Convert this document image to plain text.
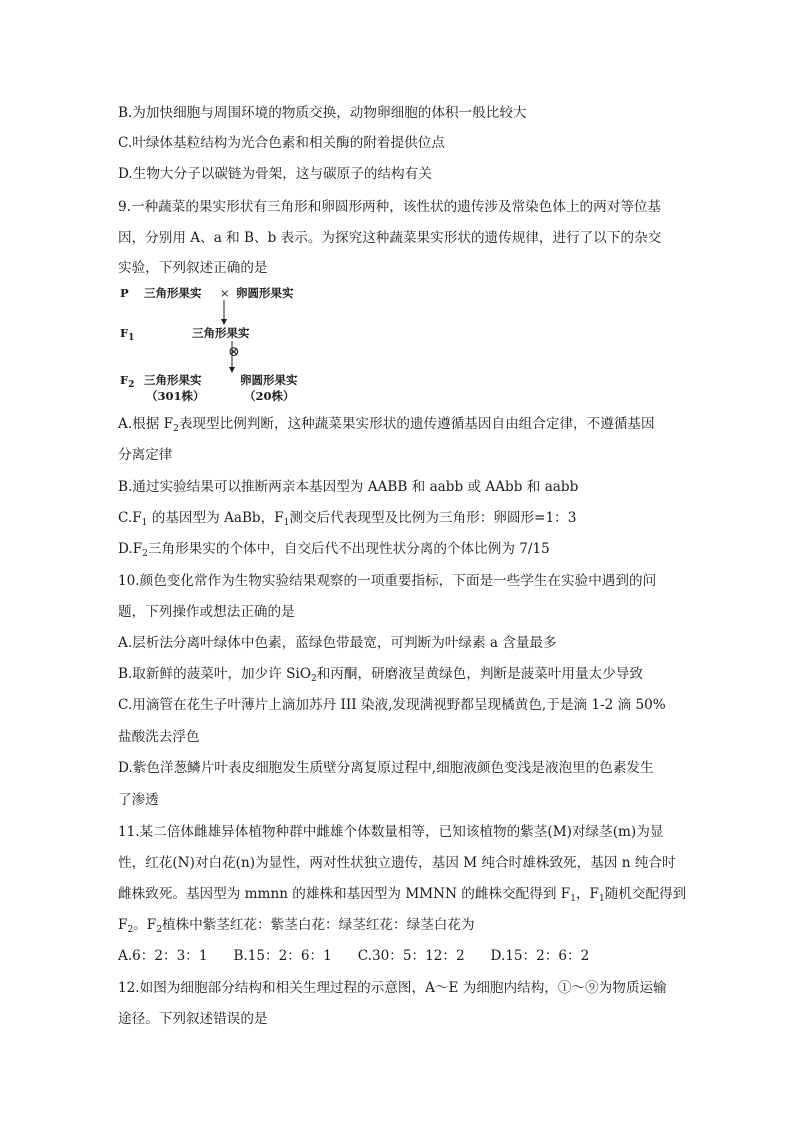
B.为加快细胞与周围环境的物质交换，动物卵细胞的体积一般比较大
C.叶绿体基粒结构为光合色素和相关酶的附着提供位点
D.生物大分子以碳链为骨架，这与碳原子的结构有关
9.一种蔬菜的果实形状有三角形和卵圆形两种，该性状的遗传涉及常染色体上的两对等位基
因，分别用 A、a 和 B、b 表示。为探究这种蔬菜果实形状的遗传规律，进行了以下的杂交
实验，下列叙述正确的是
P 三角形果实 × 卵圆形果实
$F_1$	三角形果实
⊗
$F_2$ 三角形果实
（301株）
卵圆形果实
（20株）
A.根据 $F_2$表现型比例判断，这种蔬菜果实形状的遗传遵循基因自由组合定律，不遵循基因
分离定律
B.通过实验结果可以推断两亲本基因型为 AABB 和 aabb 或 AAbb 和 aabb
$C.F_1$ 的基因型为 AaBb，$F_1$测交后代表现型及比例为三角形：卵圆形=1：3
$D.F_2$三角形果实的个体中，自交后代不出现性状分离的个体比例为 7/15
10.颜色变化常作为生物实验结果观察的一项重要指标，下面是一些学生在实验中遇到的问
题，下列操作或想法正确的是
A.层析法分离叶绿体中色素，蓝绿色带最宽，可判断为叶绿素 a 含量最多
B.取新鲜的菠菜叶，加少许 SiO$_2$和丙酮，研磨液呈黄绿色，判断是菠菜叶用量太少导致
C.用滴管在花生子叶薄片上滴加苏丹 III 染液,发现满视野都呈现橘黄色,于是滴 1-2 滴 50%
盐酸洗去浮色
D.紫色洋葱鳞片叶表皮细胞发生质壁分离复原过程中,细胞液颜色变浅是液泡里的色素发生
了渗透
11.某二倍体雌雄异体植物种群中雌雄个体数量相等，已知该植物的紫茎(M)对绿茎(m)为显
性，红花(N)对白花(n)为显性，两对性状独立遗传，基因 M 纯合时雄株致死，基因 n 纯合时
雌株致死。基因型为 mmnn 的雄株和基因型为 MMNN 的雌株交配得到 $F_1$，$F_1$随机交配得到
$F_2$。$F_2$植株中紫茎红花：紫茎白花：绿茎红花：绿茎白花为
A.6：2：3：1      B.15：2：6：1      C.30：5：12：2      D.15：2：6：2
12.如图为细胞部分结构和相关生理过程的示意图，A～E 为细胞内结构，①～⑨为物质运输
途径。下列叙述错误的是
